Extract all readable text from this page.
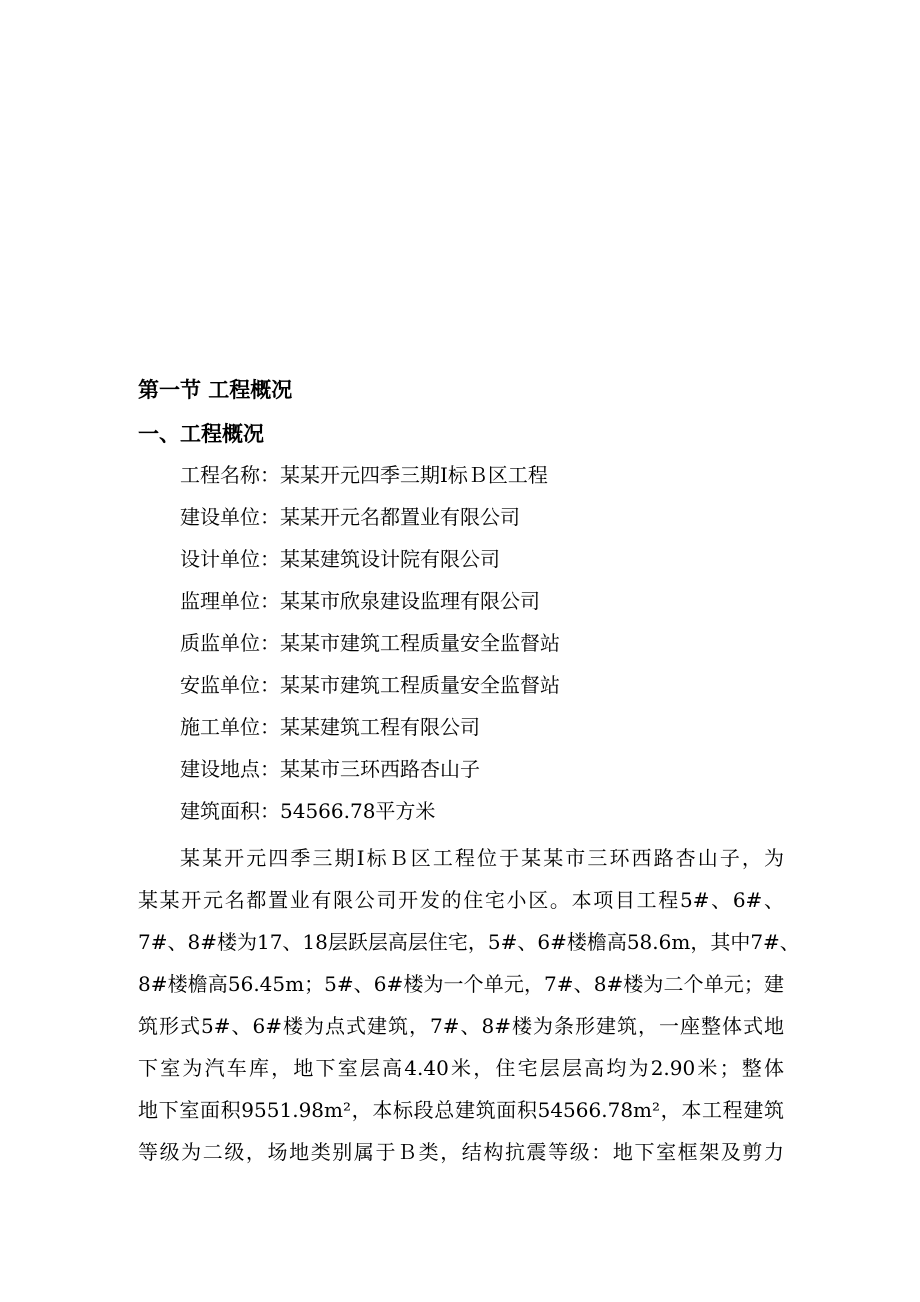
第一节 工程概况
一、工程概况
工程名称：某某开元四季三期Ⅰ标Ｂ区工程
建设单位：某某开元名都置业有限公司
设计单位：某某建筑设计院有限公司
监理单位：某某市欣泉建设监理有限公司
质监单位：某某市建筑工程质量安全监督站
安监单位：某某市建筑工程质量安全监督站
施工单位：某某建筑工程有限公司
建设地点：某某市三环西路杏山子
建筑面积：54566.78平方米

某某开元四季三期Ⅰ标Ｂ区工程位于某某市三环西路杏山子，为
某某开元名都置业有限公司开发的住宅小区。本项目工程5#、6#、
7#、8#楼为17、18层跃层高层住宅，5#、6#楼檐高58.6m，其中7#、
8#楼檐高56.45m；5#、6#楼为一个单元，7#、8#楼为二个单元；建
筑形式5#、6#楼为点式建筑，7#、8#楼为条形建筑，一座整体式地
下室为汽车库，地下室层高4.40米，住宅层层高均为2.90米；整体
地下室面积9551.98m²，本标段总建筑面积54566.78m²，本工程建筑
等级为二级，场地类别属于Ｂ类，结构抗震等级：地下室框架及剪力
